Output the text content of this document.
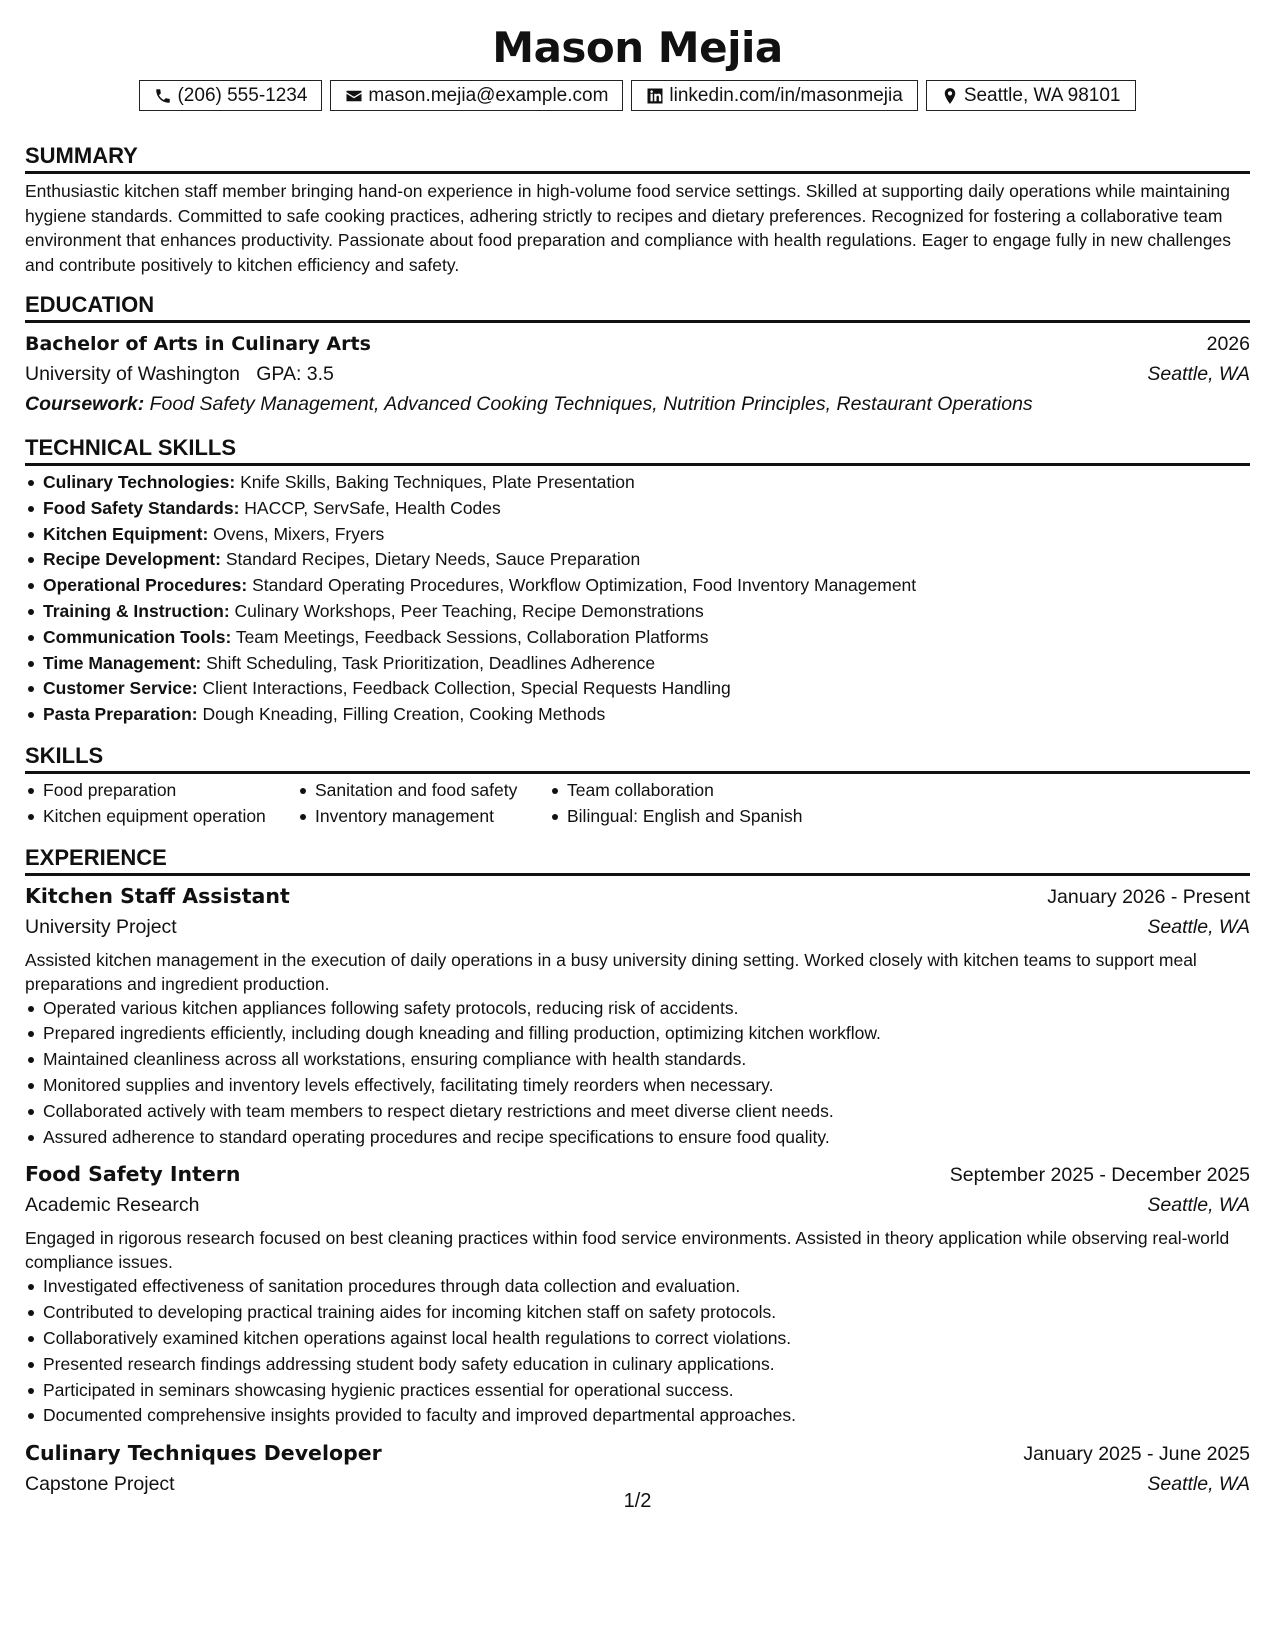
Mason Mejia
(206) 555-1234	mason.mejia@example.com	linkedin.com/in/masonmejia	Seattle, WA 98101
SUMMARY
Enthusiastic kitchen staff member bringing hand-on experience in high-volume food service settings. Skilled at supporting daily operations while maintaining hygiene standards. Committed to safe cooking practices, adhering strictly to recipes and dietary preferences. Recognized for fostering a collaborative team environment that enhances productivity. Passionate about food preparation and compliance with health regulations. Eager to engage fully in new challenges and contribute positively to kitchen efficiency and safety.
EDUCATION
Bachelor of Arts in Culinary Arts	2026
University of Washington GPA: 3.5	Seattle, WA
Coursework: Food Safety Management, Advanced Cooking Techniques, Nutrition Principles, Restaurant Operations
TECHNICAL SKILLS
Culinary Technologies: Knife Skills, Baking Techniques, Plate Presentation
Food Safety Standards: HACCP, ServSafe, Health Codes
Kitchen Equipment: Ovens, Mixers, Fryers
Recipe Development: Standard Recipes, Dietary Needs, Sauce Preparation
Operational Procedures: Standard Operating Procedures, Workflow Optimization, Food Inventory Management
Training & Instruction: Culinary Workshops, Peer Teaching, Recipe Demonstrations
Communication Tools: Team Meetings, Feedback Sessions, Collaboration Platforms
Time Management: Shift Scheduling, Task Prioritization, Deadlines Adherence
Customer Service: Client Interactions, Feedback Collection, Special Requests Handling
Pasta Preparation: Dough Kneading, Filling Creation, Cooking Methods
SKILLS
Food preparation
Kitchen equipment operation
Sanitation and food safety
Inventory management
Team collaboration
Bilingual: English and Spanish
EXPERIENCE
Kitchen Staff Assistant	January 2026 - Present
University Project	Seattle, WA
Assisted kitchen management in the execution of daily operations in a busy university dining setting. Worked closely with kitchen teams to support meal preparations and ingredient production.
Operated various kitchen appliances following safety protocols, reducing risk of accidents.
Prepared ingredients efficiently, including dough kneading and filling production, optimizing kitchen workflow.
Maintained cleanliness across all workstations, ensuring compliance with health standards.
Monitored supplies and inventory levels effectively, facilitating timely reorders when necessary.
Collaborated actively with team members to respect dietary restrictions and meet diverse client needs.
Assured adherence to standard operating procedures and recipe specifications to ensure food quality.
Food Safety Intern	September 2025 - December 2025
Academic Research	Seattle, WA
Engaged in rigorous research focused on best cleaning practices within food service environments. Assisted in theory application while observing real-world compliance issues.
Investigated effectiveness of sanitation procedures through data collection and evaluation.
Contributed to developing practical training aides for incoming kitchen staff on safety protocols.
Collaboratively examined kitchen operations against local health regulations to correct violations.
Presented research findings addressing student body safety education in culinary applications.
Participated in seminars showcasing hygienic practices essential for operational success.
Documented comprehensive insights provided to faculty and improved departmental approaches.
Culinary Techniques Developer	January 2025 - June 2025
Capstone Project	Seattle, WA
1/2
